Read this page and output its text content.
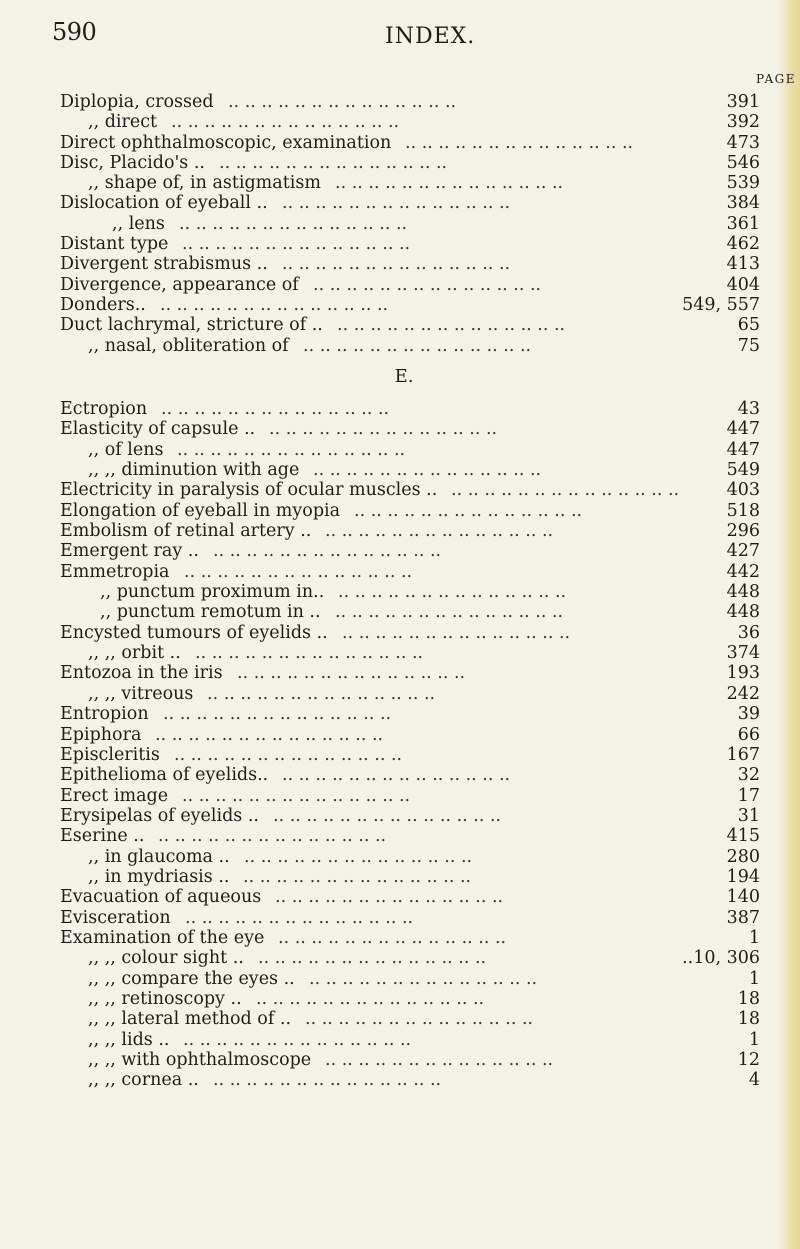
590	INDEX.
PAGE
.. .. .. .. .. .. .. .. .. .. .. .. .. ..
Diplopia, crossed	391
.. .. .. .. .. .. .. .. .. .. .. .. .. ..
,, direct	392
.. .. .. .. .. .. .. .. .. .. .. .. .. ..
Direct ophthalmoscopic, examination	473
.. .. .. .. .. .. .. .. .. .. .. .. .. ..
Disc, Placido's ..	546
.. .. .. .. .. .. .. .. .. .. .. .. .. ..
,, shape of, in astigmatism	539
.. .. .. .. .. .. .. .. .. .. .. .. .. ..
Dislocation of eyeball ..	384
.. .. .. .. .. .. .. .. .. .. .. .. .. ..
,, lens	361
.. .. .. .. .. .. .. .. .. .. .. .. .. ..
Distant type	462
.. .. .. .. .. .. .. .. .. .. .. .. .. ..
Divergent strabismus ..	413
.. .. .. .. .. .. .. .. .. .. .. .. .. ..
Divergence, appearance of	404
.. .. .. .. .. .. .. .. .. .. .. .. .. ..
Donders..	549, 557
.. .. .. .. .. .. .. .. .. .. .. .. .. ..
Duct lachrymal, stricture of ..	65
.. .. .. .. .. .. .. .. .. .. .. .. .. ..
,, nasal, obliteration of	75
E.
.. .. .. .. .. .. .. .. .. .. .. .. .. ..
Ectropion	43
.. .. .. .. .. .. .. .. .. .. .. .. .. ..
Elasticity of capsule ..	447
.. .. .. .. .. .. .. .. .. .. .. .. .. ..
,, of lens	447
.. .. .. .. .. .. .. .. .. .. .. .. .. ..
,, ,, diminution with age	549
.. .. .. .. .. .. .. .. .. .. .. .. .. ..
Electricity in paralysis of ocular muscles ..	403
.. .. .. .. .. .. .. .. .. .. .. .. .. ..
Elongation of eyeball in myopia	518
.. .. .. .. .. .. .. .. .. .. .. .. .. ..
Embolism of retinal artery ..	296
.. .. .. .. .. .. .. .. .. .. .. .. .. ..
Emergent ray ..	427
.. .. .. .. .. .. .. .. .. .. .. .. .. ..
Emmetropia	442
.. .. .. .. .. .. .. .. .. .. .. .. .. ..
,, punctum proximum in..	448
.. .. .. .. .. .. .. .. .. .. .. .. .. ..
,, punctum remotum in ..	448
.. .. .. .. .. .. .. .. .. .. .. .. .. ..
Encysted tumours of eyelids ..	36
.. .. .. .. .. .. .. .. .. .. .. .. .. ..
,, ,, orbit ..	374
.. .. .. .. .. .. .. .. .. .. .. .. .. ..
Entozoa in the iris	193
.. .. .. .. .. .. .. .. .. .. .. .. .. ..
,, ,, vitreous	242
.. .. .. .. .. .. .. .. .. .. .. .. .. ..
Entropion	39
.. .. .. .. .. .. .. .. .. .. .. .. .. ..
Epiphora	66
.. .. .. .. .. .. .. .. .. .. .. .. .. ..
Episcleritis	167
.. .. .. .. .. .. .. .. .. .. .. .. .. ..
Epithelioma of eyelids..	32
.. .. .. .. .. .. .. .. .. .. .. .. .. ..
Erect image	17
.. .. .. .. .. .. .. .. .. .. .. .. .. ..
Erysipelas of eyelids ..	31
.. .. .. .. .. .. .. .. .. .. .. .. .. ..
Eserine ..	415
.. .. .. .. .. .. .. .. .. .. .. .. .. ..
,, in glaucoma ..	280
.. .. .. .. .. .. .. .. .. .. .. .. .. ..
,, in mydriasis ..	194
.. .. .. .. .. .. .. .. .. .. .. .. .. ..
Evacuation of aqueous	140
.. .. .. .. .. .. .. .. .. .. .. .. .. ..
Evisceration	387
.. .. .. .. .. .. .. .. .. .. .. .. .. ..
Examination of the eye	1
.. .. .. .. .. .. .. .. .. .. .. .. .. ..
,, ,, colour sight ..	..10, 306
.. .. .. .. .. .. .. .. .. .. .. .. .. ..
,, ,, compare the eyes ..	1
.. .. .. .. .. .. .. .. .. .. .. .. .. ..
,, ,, retinoscopy ..	18
.. .. .. .. .. .. .. .. .. .. .. .. .. ..
,, ,, lateral method of ..	18
.. .. .. .. .. .. .. .. .. .. .. .. .. ..
,, ,, lids ..	1
.. .. .. .. .. .. .. .. .. .. .. .. .. ..
,, ,, with ophthalmoscope	12
.. .. .. .. .. .. .. .. .. .. .. .. .. ..
,, ,, cornea ..	4
